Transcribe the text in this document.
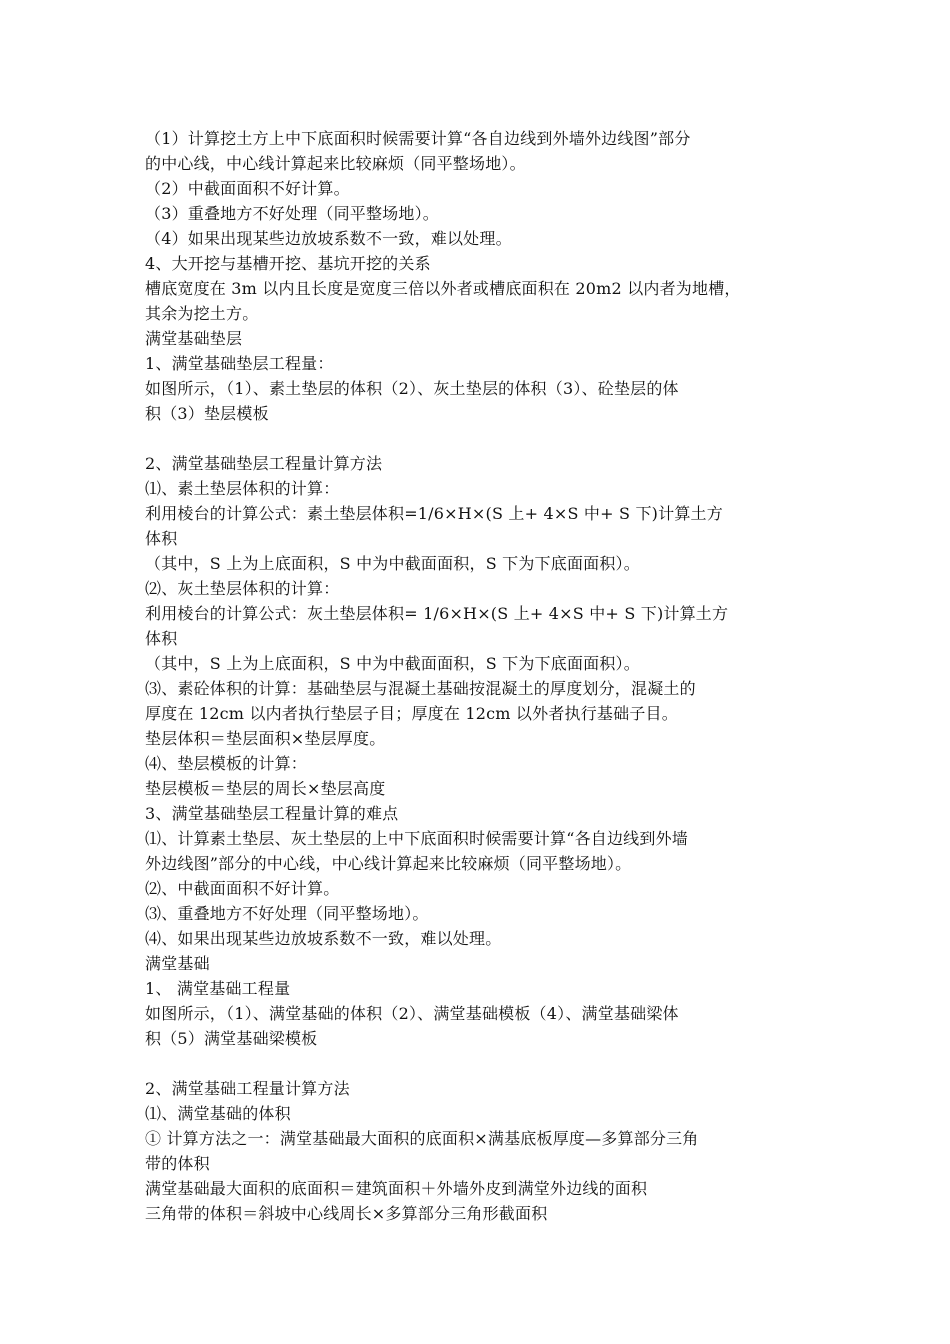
（1）计算挖土方上中下底面积时候需要计算“各自边线到外墙外边线图”部分
的中心线，中心线计算起来比较麻烦（同平整场地）。
（2）中截面面积不好计算。
（3）重叠地方不好处理（同平整场地）。
（4）如果出现某些边放坡系数不一致，难以处理。
4、大开挖与基槽开挖、基坑开挖的关系
槽底宽度在 3m 以内且长度是宽度三倍以外者或槽底面积在 20m2 以内者为地槽，
其余为挖土方。
满堂基础垫层
1、满堂基础垫层工程量：
如图所示，（1）、素土垫层的体积（2）、灰土垫层的体积（3）、砼垫层的体
积（3）垫层模板
2、满堂基础垫层工程量计算方法
⑴、素土垫层体积的计算：
利用棱台的计算公式：素土垫层体积=1/6×H×(S 上+ 4×S 中+ S 下)计算土方
体积
（其中，S 上为上底面积，S 中为中截面面积，S 下为下底面面积）。
⑵、灰土垫层体积的计算：
利用棱台的计算公式：灰土垫层体积= 1/6×H×(S 上+ 4×S 中+ S 下)计算土方
体积
（其中，S 上为上底面积，S 中为中截面面积，S 下为下底面面积）。
⑶、素砼体积的计算：基础垫层与混凝土基础按混凝土的厚度划分，混凝土的
厚度在 12cm 以内者执行垫层子目；厚度在 12cm 以外者执行基础子目。
垫层体积＝垫层面积×垫层厚度。
⑷、垫层模板的计算：
垫层模板＝垫层的周长×垫层高度
3、满堂基础垫层工程量计算的难点
⑴、计算素土垫层、灰土垫层的上中下底面积时候需要计算“各自边线到外墙
外边线图”部分的中心线，中心线计算起来比较麻烦（同平整场地）。
⑵、中截面面积不好计算。
⑶、重叠地方不好处理（同平整场地）。
⑷、如果出现某些边放坡系数不一致，难以处理。
满堂基础
1、 满堂基础工程量
如图所示，（1）、满堂基础的体积（2）、满堂基础模板（4）、满堂基础梁体
积（5）满堂基础梁模板
2、满堂基础工程量计算方法
⑴、满堂基础的体积
① 计算方法之一：满堂基础最大面积的底面积×满基底板厚度—多算部分三角
带的体积
满堂基础最大面积的底面积＝建筑面积＋外墙外皮到满堂外边线的面积
三角带的体积＝斜坡中心线周长×多算部分三角形截面积
